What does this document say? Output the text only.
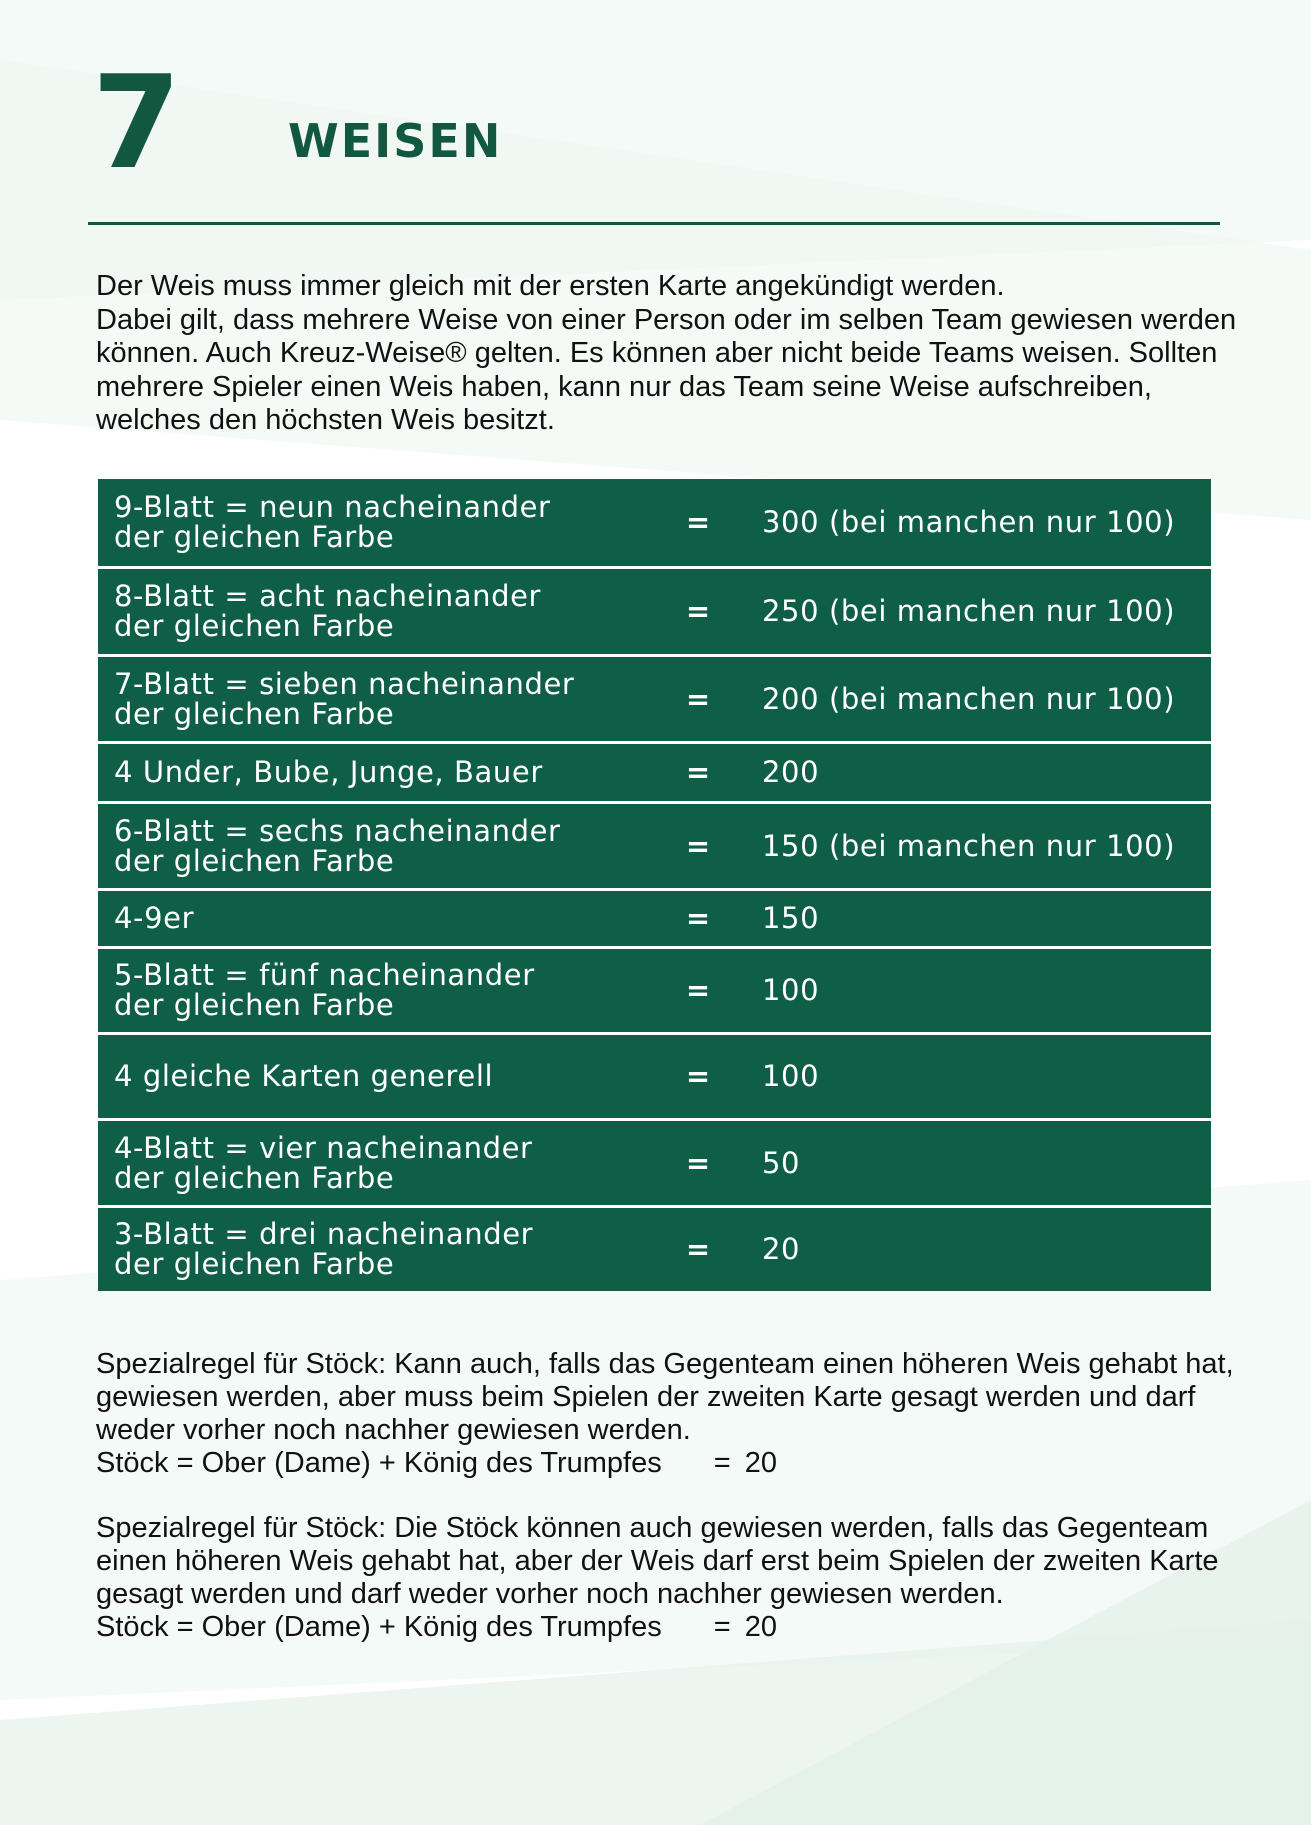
7 WEISEN

Der Weis muss immer gleich mit der ersten Karte angekündigt werden.

Dabei gilt, dass mehrere Weise von einer Person oder im selben Team gewiesen werden können. Auch Kreuz-Weise® gelten. Es können aber nicht beide Teams weisen. Sollten mehrere Spieler einen Weis haben, kann nur das Team seine Weise aufschreiben, welches den höchsten Weis besitzt.

9-Blatt = neun nacheinander
der gleichen Farbe	=	300 (bei manchen nur 100)

8-Blatt = acht nacheinander
der gleichen Farbe	=	250 (bei manchen nur 100)

7-Blatt = sieben nacheinander
der gleichen Farbe	=	200 (bei manchen nur 100)

4 Under, Bube, Junge, Bauer	=	200

6-Blatt = sechs nacheinander
der gleichen Farbe	=	150 (bei manchen nur 100)

4-9er	=	150

5-Blatt = fünf nacheinander
der gleichen Farbe	=	100

4 gleiche Karten generell	=	100

4-Blatt = vier nacheinander
der gleichen Farbe	=	50

3-Blatt = drei nacheinander
der gleichen Farbe	=	20

Spezialregel für Stöck: Kann auch, falls das Gegenteam einen höheren Weis gehabt hat, gewiesen werden, aber muss beim Spielen der zweiten Karte gesagt werden und darf weder vorher noch nachher gewiesen werden.

Stöck = Ober (Dame) + König des Trumpfes = 20

Spezialregel für Stöck: Die Stöck können auch gewiesen werden, falls das Gegenteam einen höheren Weis gehabt hat, aber der Weis darf erst beim Spielen der zweiten Karte gesagt werden und darf weder vorher noch nachher gewiesen werden.

Stöck = Ober (Dame) + König des Trumpfes = 20
